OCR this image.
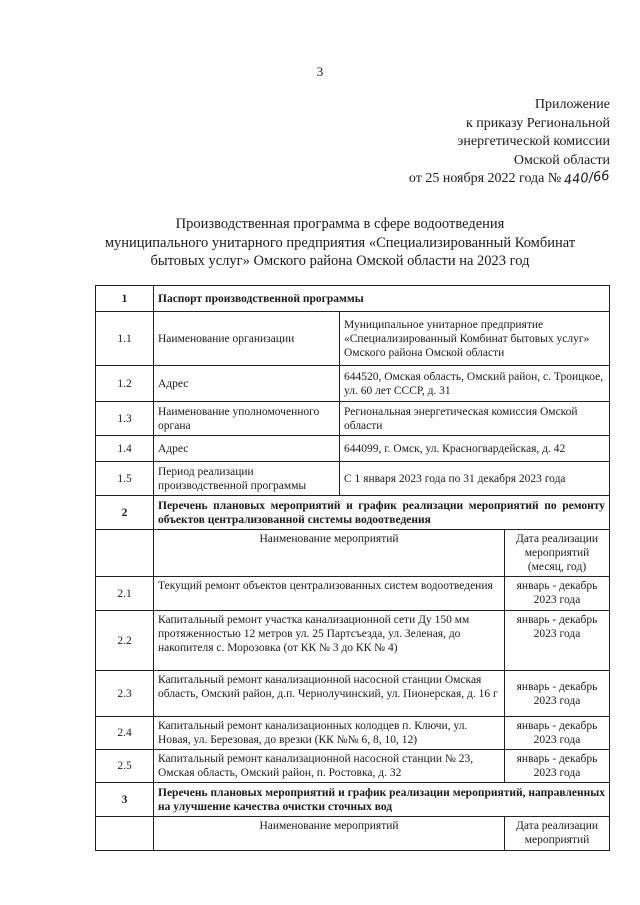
3
Приложение
к приказу Региональной
энергетической комиссии
Омской области
от 25 ноября 2022 года № 440/66
Производственная программа в сфере водоотведения
муниципального унитарного предприятия «Специализированный Комбинат
бытовых услуг» Омского района Омской области на 2023 год
1	Паспорт производственной программы		
1.1	Наименование организации	Муниципальное унитарное предприятие «Специализированный Комбинат бытовых услуг» Омского района Омской области	
1.2	Адрес	644520, Омская область, Омский район, с. Троицкое, ул. 60 лет СССР, д. 31	
1.3	Наименование уполномоченного органа	Региональная энергетическая комиссия Омской области	
1.4	Адрес	644099, г. Омск, ул. Красногвардейская, д. 42	
1.5	Период реализации производственной программы	С 1 января 2023 года по 31 декабря 2023 года	
2	Перечень плановых мероприятий и график реализации мероприятий по ремонту объектов централизованной системы водоотведения		
	Наименование мероприятий		Дата реализации мероприятий (месяц, год)
2.1	Текущий ремонт объектов централизованных систем водоотведения		январь - декабрь 2023 года
2.2	Капитальный ремонт участка канализационной сети Ду 150 мм протяженностью 12 метров ул. 25 Партсъезда, ул. Зеленая, до накопителя с. Морозовка (от КК № 3 до КК № 4)		январь - декабрь 2023 года
2.3	Капитальный ремонт канализационной насосной станции Омская область, Омский район, д.п. Чернолучинский, ул. Пионерская, д. 16 г		январь - декабрь 2023 года
2.4	Капитальный ремонт канализационных колодцев п. Ключи, ул. Новая, ул. Березовая, до врезки (КК №№ 6, 8, 10, 12)		январь - декабрь 2023 года
2.5	Капитальный ремонт канализационной насосной станции № 23, Омская область, Омский район, п. Ростовка, д. 32		январь - декабрь 2023 года
3	Перечень плановых мероприятий и график реализации мероприятий, направленных на улучшение качества очистки сточных вод		
	Наименование мероприятий		Дата реализации мероприятий
